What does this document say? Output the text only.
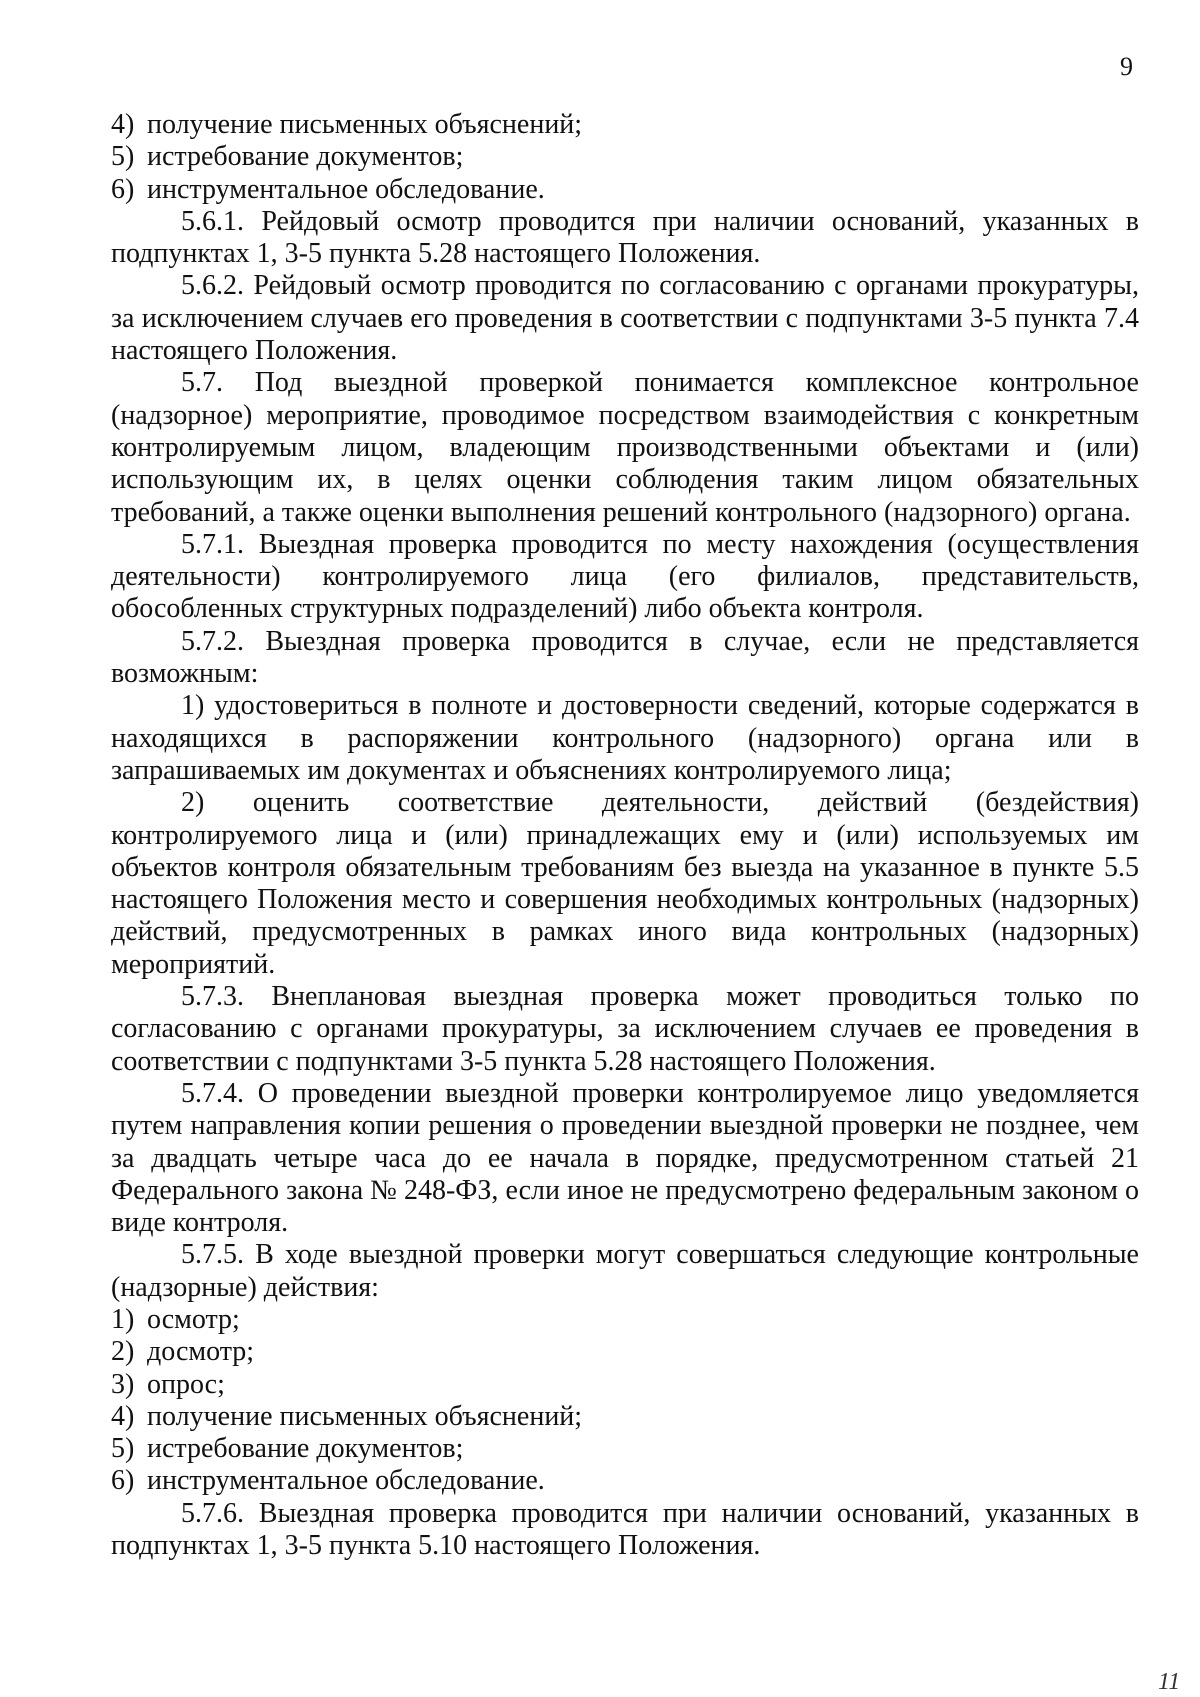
9

4) получение письменных объяснений;

5) истребование документов;

6) инструментальное обследование.

5.6.1. Рейдовый осмотр проводится при наличии оснований, указанных в подпунктах 1, 3-5 пункта 5.28 настоящего Положения.

5.6.2. Рейдовый осмотр проводится по согласованию с органами прокуратуры, за исключением случаев его проведения в соответствии с подпунктами 3-5 пункта 7.4 настоящего Положения.

5.7. Под выездной проверкой понимается комплексное контрольное (надзорное) мероприятие, проводимое посредством взаимодействия с конкретным контролируемым лицом, владеющим производственными объектами и (или) использующим их, в целях оценки соблюдения таким лицом обязательных требований, а также оценки выполнения решений контрольного (надзорного) органа.

5.7.1. Выездная проверка проводится по месту нахождения (осуществления деятельности) контролируемого лица (его филиалов, представительств, обособленных структурных подразделений) либо объекта контроля.

5.7.2. Выездная проверка проводится в случае, если не представляется возможным:

1) удостовериться в полноте и достоверности сведений, которые содержатся в находящихся в распоряжении контрольного (надзорного) органа или в запрашиваемых им документах и объяснениях контролируемого лица;

2) оценить соответствие деятельности, действий (бездействия) контролируемого лица и (или) принадлежащих ему и (или) используемых им объектов контроля обязательным требованиям без выезда на указанное в пункте 5.5 настоящего Положения место и совершения необходимых контрольных (надзорных) действий, предусмотренных в рамках иного вида контрольных (надзорных) мероприятий.

5.7.3. Внеплановая выездная проверка может проводиться только по согласованию с органами прокуратуры, за исключением случаев ее проведения в соответствии с подпунктами 3-5 пункта 5.28 настоящего Положения.

5.7.4. О проведении выездной проверки контролируемое лицо уведомляется путем направления копии решения о проведении выездной проверки не позднее, чем за двадцать четыре часа до ее начала в порядке, предусмотренном статьей 21 Федерального закона № 248-ФЗ, если иное не предусмотрено федеральным законом о виде контроля.

5.7.5. В ходе выездной проверки могут совершаться следующие контрольные (надзорные) действия:

1) осмотр;

2) досмотр;

3) опрос;

4) получение письменных объяснений;

5) истребование документов;

6) инструментальное обследование.

5.7.6. Выездная проверка проводится при наличии оснований, указанных в подпунктах 1, 3-5 пункта 5.10 настоящего Положения.

11
